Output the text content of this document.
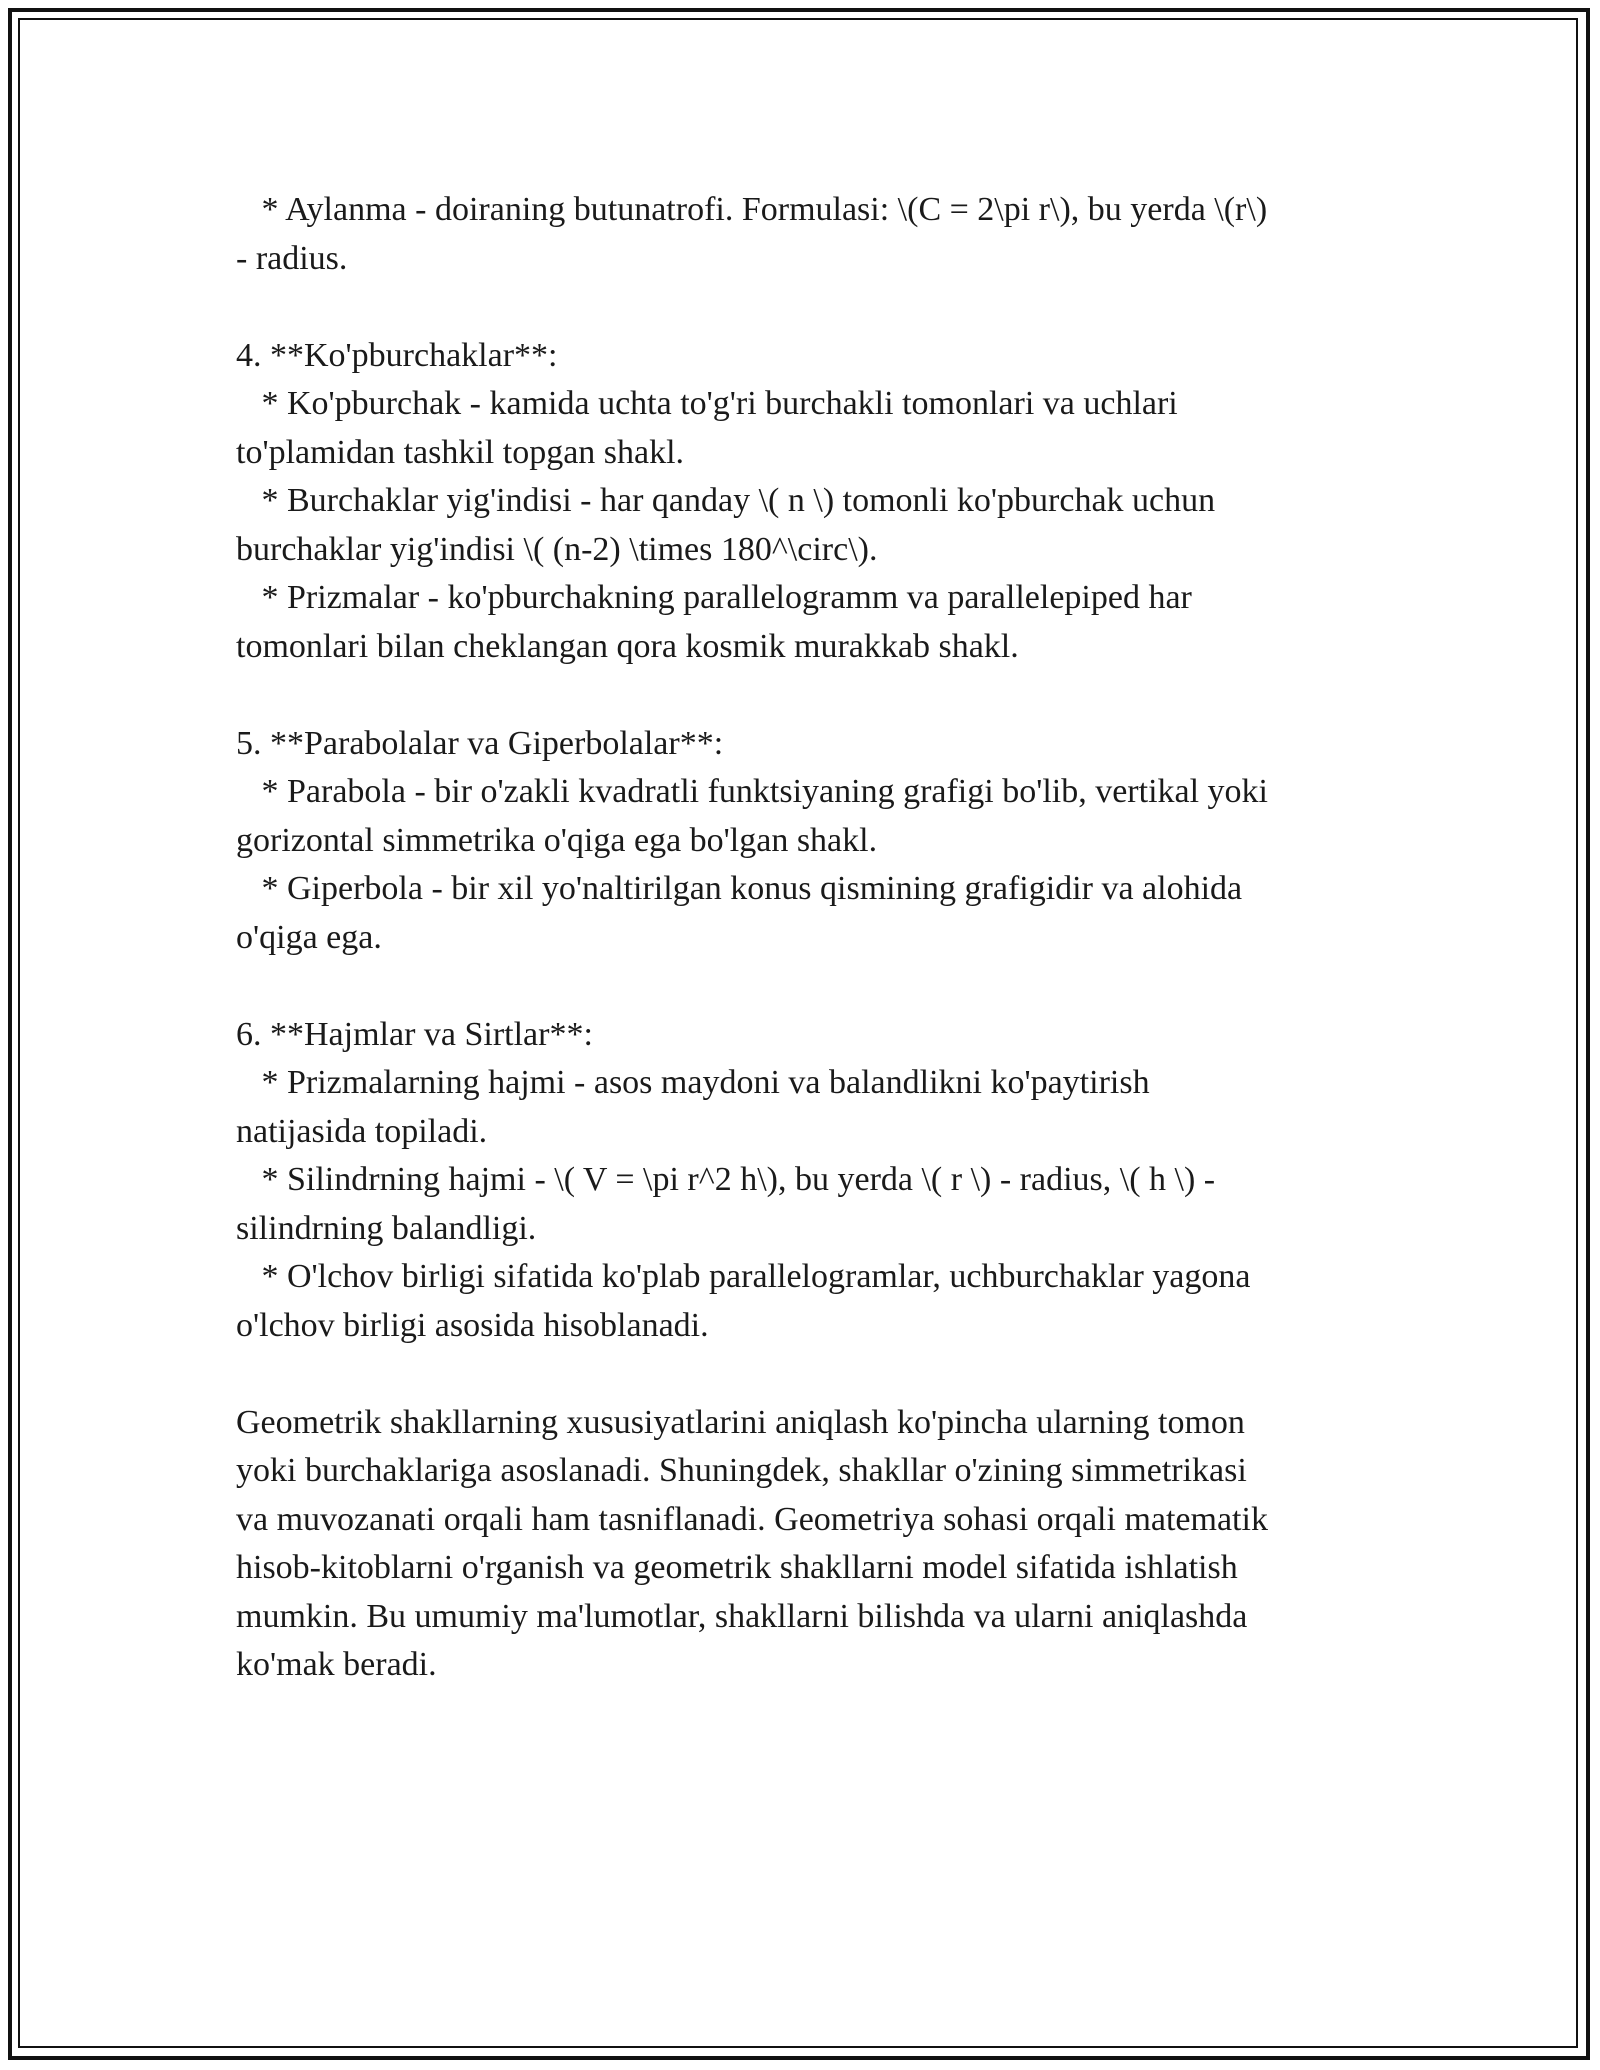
* Aylanma - doiraning butunatrofi. Formulasi: \(C = 2\pi r\), bu yerda \(r\)
- radius.
4. **Ko'pburchaklar**:
* Ko'pburchak - kamida uchta to'g'ri burchakli tomonlari va uchlari
to'plamidan tashkil topgan shakl.
* Burchaklar yig'indisi - har qanday \( n \) tomonli ko'pburchak uchun
burchaklar yig'indisi \( (n-2) \times 180^\circ\).
* Prizmalar - ko'pburchakning parallelogramm va parallelepiped har
tomonlari bilan cheklangan qora kosmik murakkab shakl.
5. **Parabolalar va Giperbolalar**:
* Parabola - bir o'zakli kvadratli funktsiyaning grafigi bo'lib, vertikal yoki
gorizontal simmetrika o'qiga ega bo'lgan shakl.
* Giperbola - bir xil yo'naltirilgan konus qismining grafigidir va alohida
o'qiga ega.
6. **Hajmlar va Sirtlar**:
* Prizmalarning hajmi - asos maydoni va balandlikni ko'paytirish
natijasida topiladi.
* Silindrning hajmi - \( V = \pi r^2 h\), bu yerda \( r \) - radius, \( h \) -
silindrning balandligi.
* O'lchov birligi sifatida ko'plab parallelogramlar, uchburchaklar yagona
o'lchov birligi asosida hisoblanadi.
Geometrik shakllarning xususiyatlarini aniqlash ko'pincha ularning tomon
yoki burchaklariga asoslanadi. Shuningdek, shakllar o'zining simmetrikasi
va muvozanati orqali ham tasniflanadi. Geometriya sohasi orqali matematik
hisob-kitoblarni o'rganish va geometrik shakllarni model sifatida ishlatish
mumkin. Bu umumiy ma'lumotlar, shakllarni bilishda va ularni aniqlashda
ko'mak beradi.
